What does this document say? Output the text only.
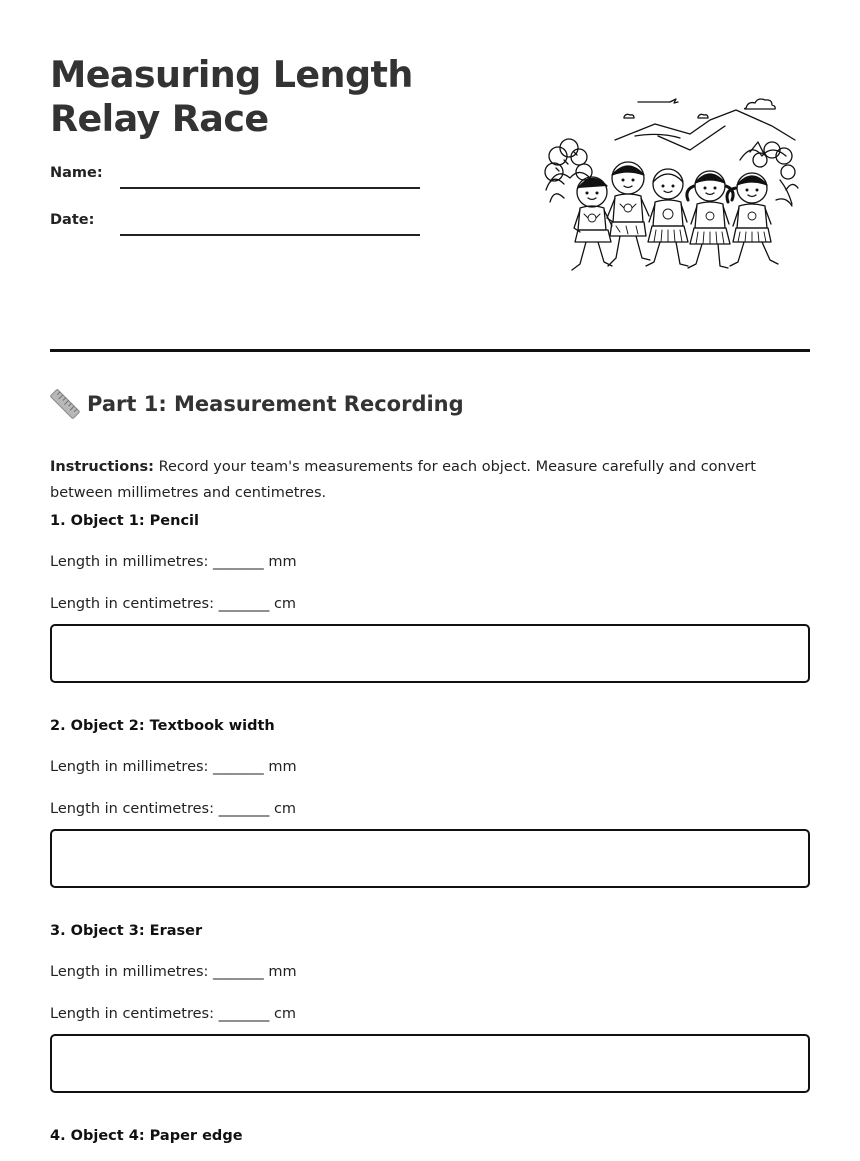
Measuring Length Relay Race
Name:
Date:
Part 1: Measurement Recording

Instructions: Record your team's measurements for each object. Measure carefully and convert between millimetres and centimetres.

1. Object 1: Pencil
Length in millimetres: _______ mm
Length in centimetres: _______ cm
2. Object 2: Textbook width
Length in millimetres: _______ mm
Length in centimetres: _______ cm
3. Object 3: Eraser
Length in millimetres: _______ mm
Length in centimetres: _______ cm
4. Object 4: Paper edge
